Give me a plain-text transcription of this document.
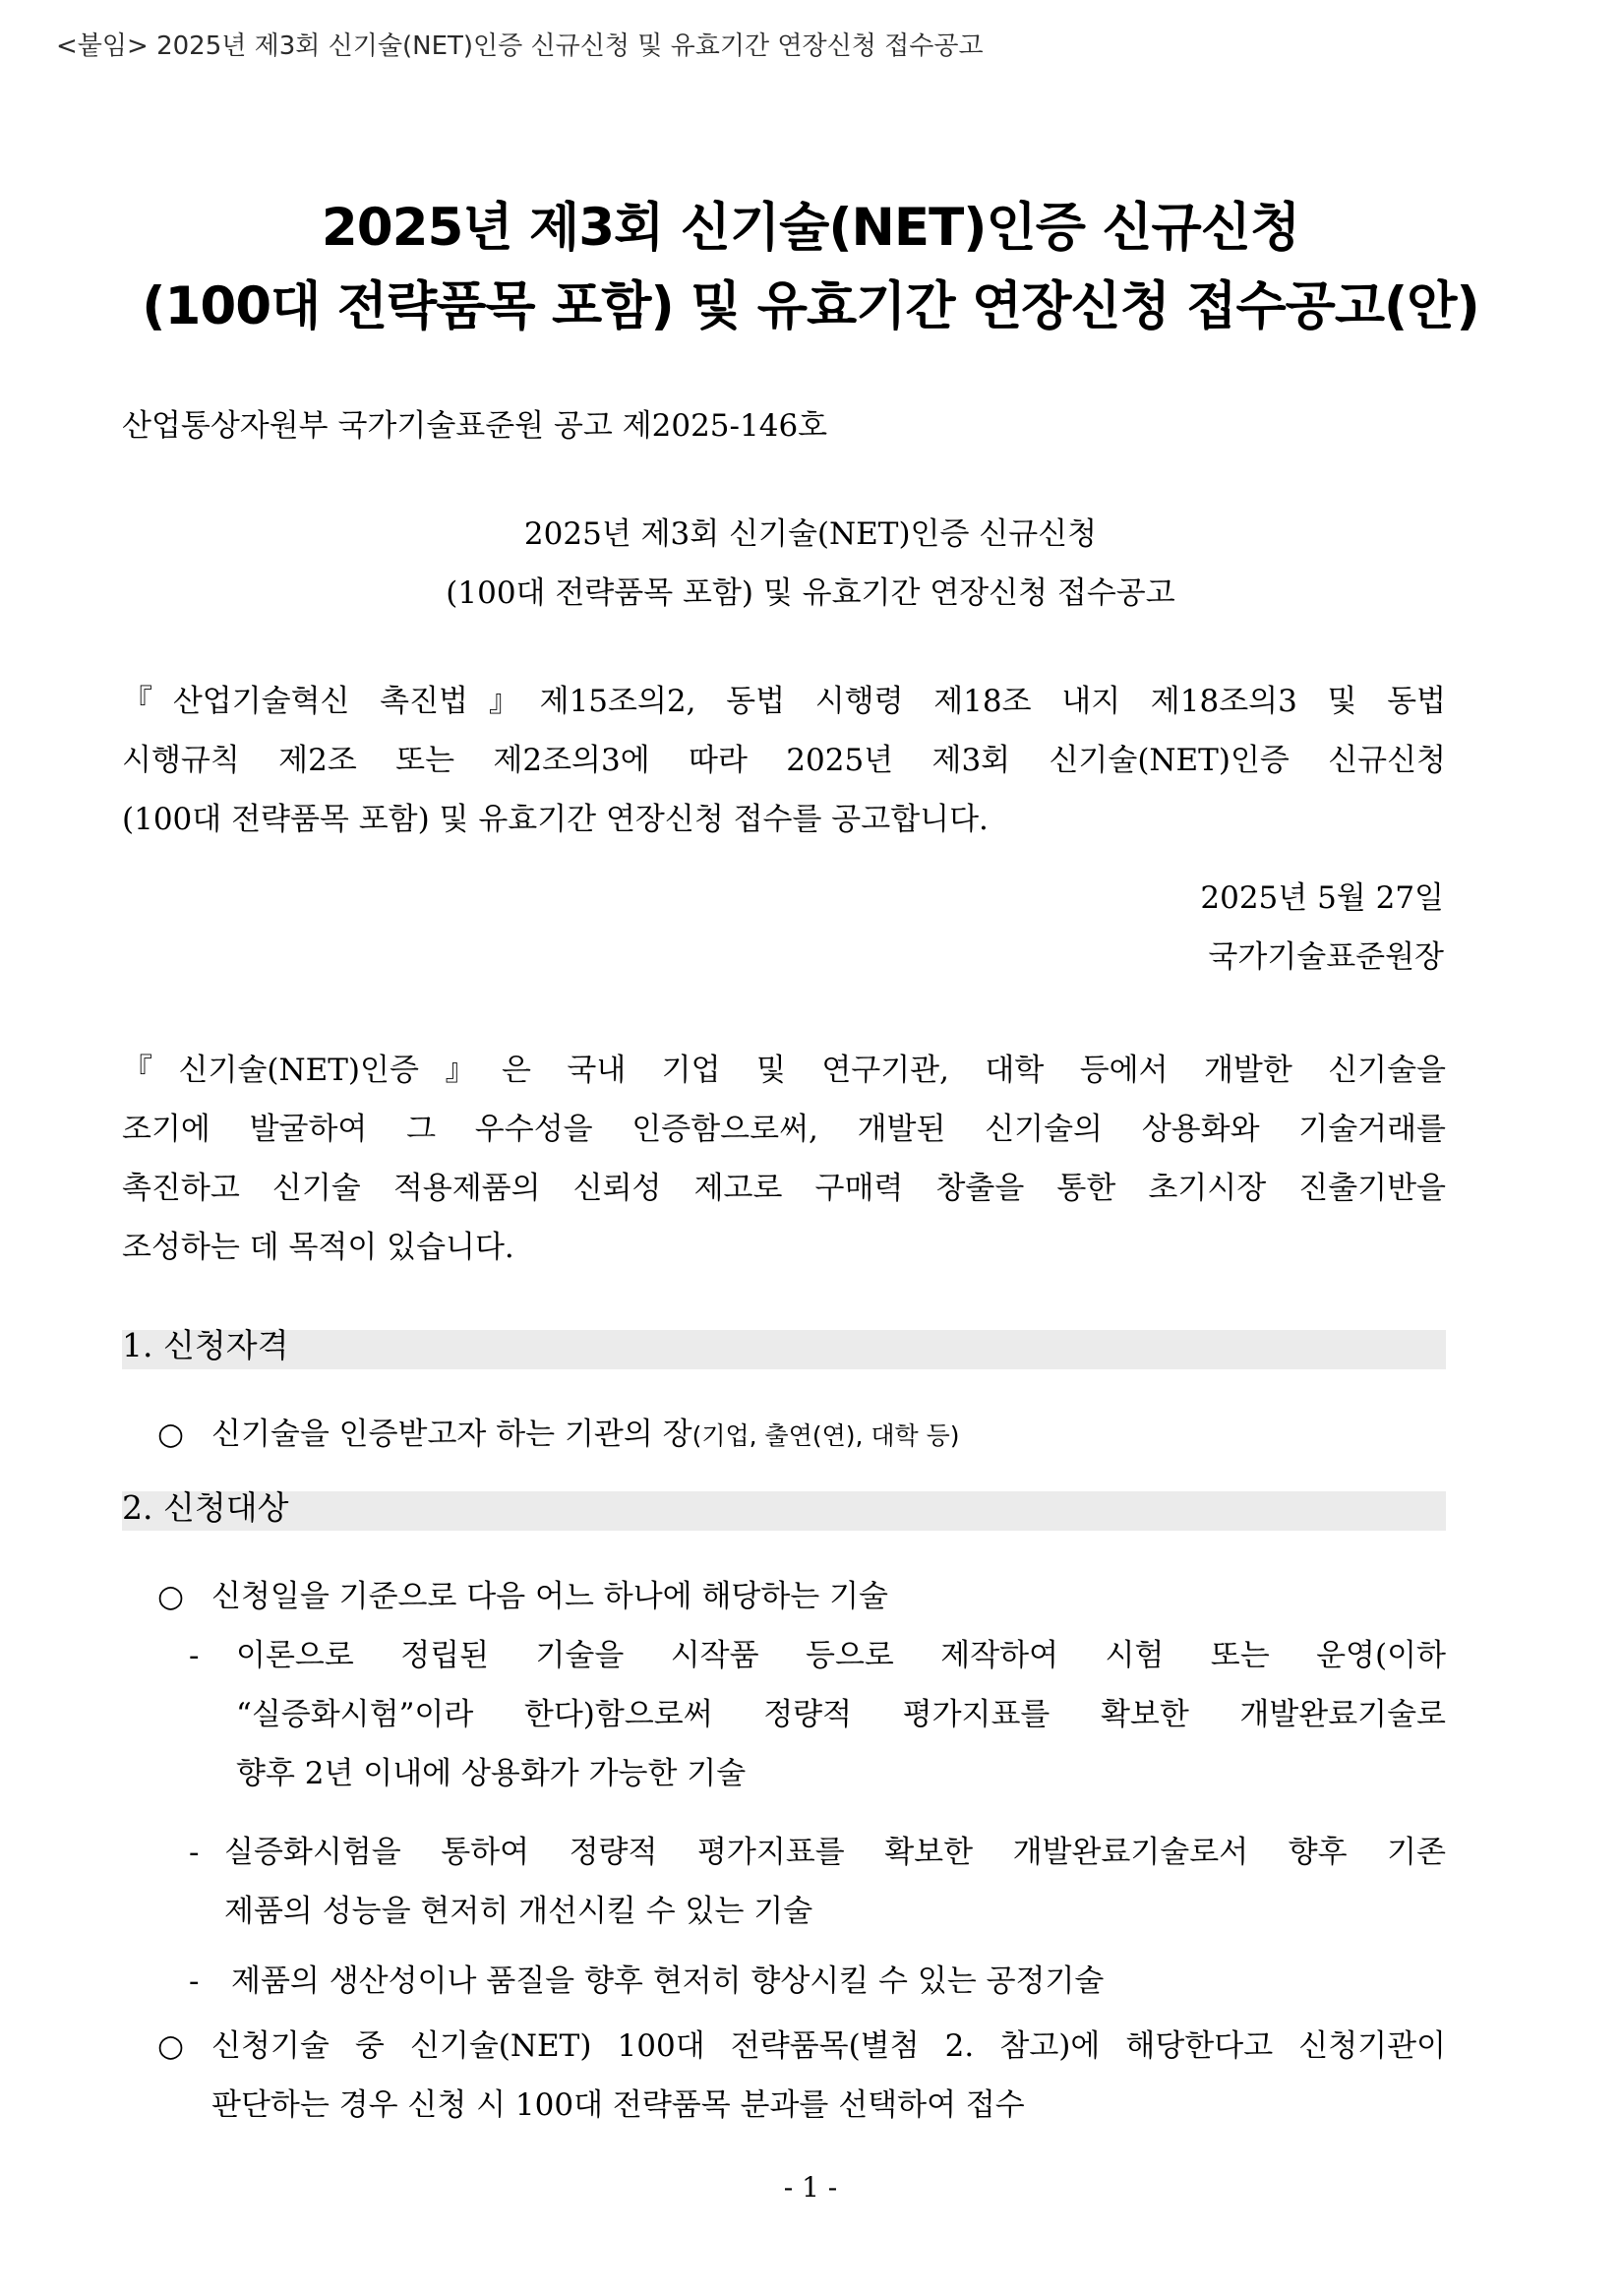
<붙임> 2025년 제3회 신기술(NET)인증 신규신청 및 유효기간 연장신청 접수공고
2025년 제3회 신기술(NET)인증 신규신청
(100대 전략품목 포함) 및 유효기간 연장신청 접수공고(안)
산업통상자원부 국가기술표준원 공고 제2025-146호
2025년 제3회 신기술(NET)인증 신규신청
(100대 전략품목 포함) 및 유효기간 연장신청 접수공고
『산업기술혁신 촉진법』제15조의2, 동법 시행령 제18조 내지 제18조의3 및 동법
시행규칙 제2조 또는 제2조의3에 따라 2025년 제3회 신기술(NET)인증 신규신청
(100대 전략품목 포함) 및 유효기간 연장신청 접수를 공고합니다.
2025년 5월 27일
국가기술표준원장
『신기술(NET)인증』은 국내 기업 및 연구기관, 대학 등에서 개발한 신기술을
조기에 발굴하여 그 우수성을 인증함으로써, 개발된 신기술의 상용화와 기술거래를
촉진하고 신기술 적용제품의 신뢰성 제고로 구매력 창출을 통한 초기시장 진출기반을
조성하는 데 목적이 있습니다.
1. 신청자격
○ 신기술을 인증받고자 하는 기관의 장(기업, 출연(연), 대학 등)
2. 신청대상
○ 신청일을 기준으로 다음 어느 하나에 해당하는 기술
- 이론으로 정립된 기술을 시작품 등으로 제작하여 시험 또는 운영(이하
“실증화시험”이라 한다)함으로써 정량적 평가지표를 확보한 개발완료기술로
향후 2년 이내에 상용화가 가능한 기술
- 실증화시험을 통하여 정량적 평가지표를 확보한 개발완료기술로서 향후 기존
제품의 성능을 현저히 개선시킬 수 있는 기술
- 제품의 생산성이나 품질을 향후 현저히 향상시킬 수 있는 공정기술
○ 신청기술 중 신기술(NET) 100대 전략품목(별첨 2. 참고)에 해당한다고 신청기관이
판단하는 경우 신청 시 100대 전략품목 분과를 선택하여 접수
- 1 -
